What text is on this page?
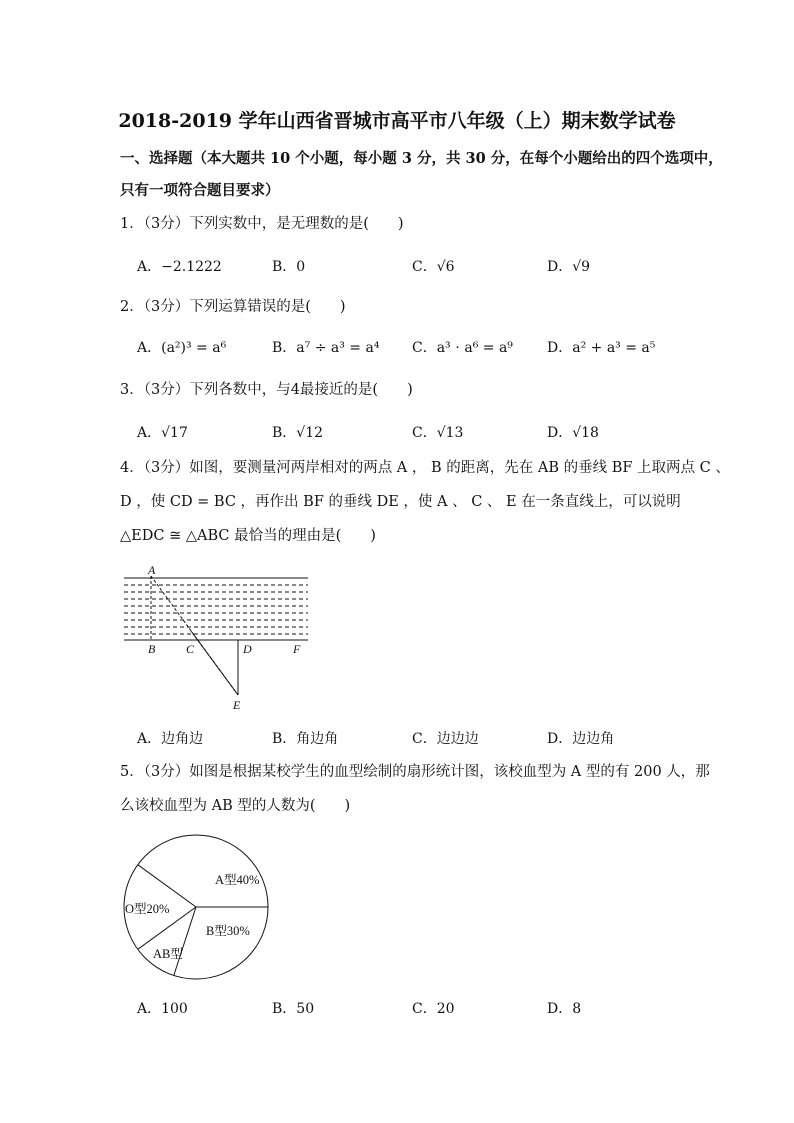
2018-2019 学年山西省晋城市高平市八年级（上）期末数学试卷
一、选择题（本大题共 10 个小题，每小题 3 分，共 30 分，在每个小题给出的四个选项中，
只有一项符合题目要求）
1．（3分）下列实数中，是无理数的是(　　)
A．−2.1222	B．0	C．√6	D．√9
2．（3分）下列运算错误的是(　　)
A．(a²)³ = a⁶	B．a⁷ ÷ a³ = a⁴ C．a³ ⋅ a⁶ = a⁹ D．a² + a³ = a⁵
3．（3分）下列各数中，与4最接近的是(　　)
A．√17	B．√12	C．√13	D．√18
4．（3分）如图，要测量河两岸相对的两点 A ， B 的距离，先在 AB 的垂线 BF 上取两点 C 、
D ，使 CD = BC ，再作出 BF 的垂线 DE ，使 A 、 C 、 E 在一条直线上，可以说明
△EDC ≅ △ABC 最恰当的理由是(　　)
A
B	C	D	F
E
A．边角边	B．角边角	C．边边边	D．边边角
5．（3分）如图是根据某校学生的血型绘制的扇形统计图，该校血型为 A 型的有 200 人，那
么该校血型为 AB 型的人数为(　　)
A型40%
O型20%
AB型
B型30%
A．100	B．50	C．20	D．8
